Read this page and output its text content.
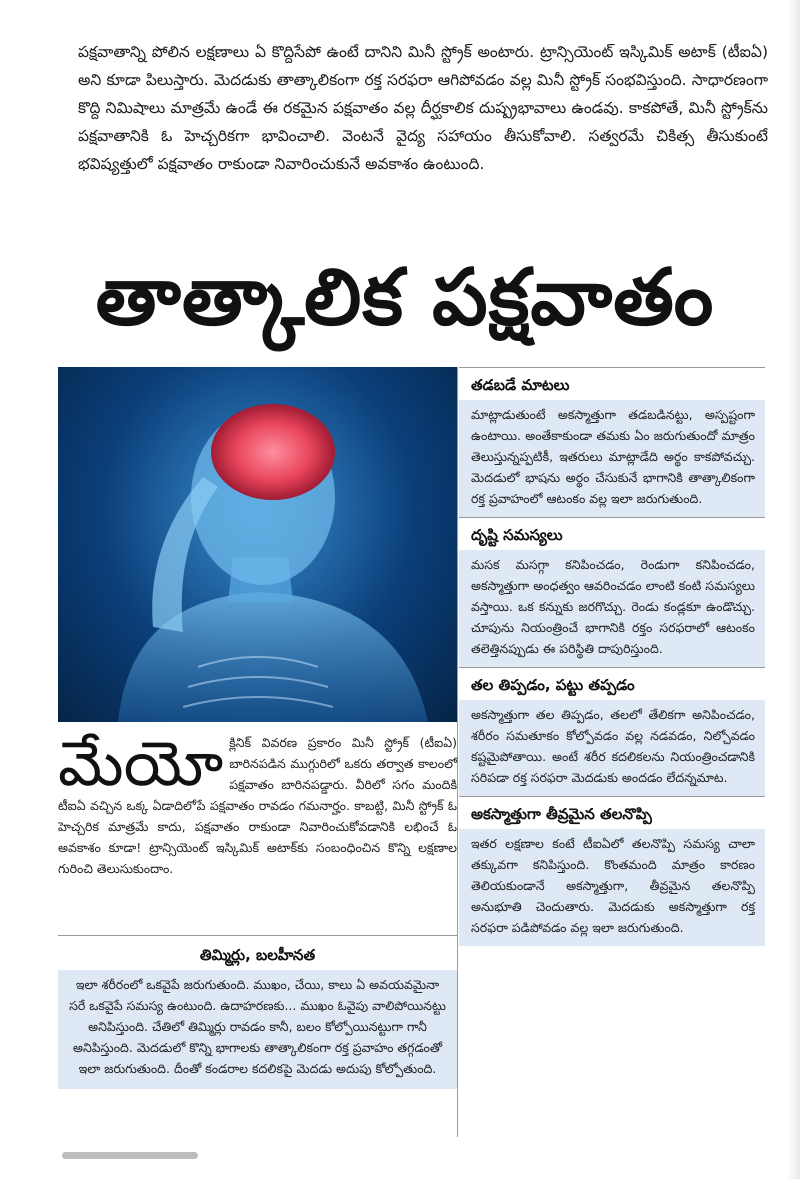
పక్షవాతాన్ని పోలిన లక్షణాలు ఏ కొద్దిసేపో ఉంటే దానిని మినీ స్ట్రోక్ అంటారు. ట్రాన్సియెంట్ ఇస్కిమిక్ అటాక్ (టీఐఏ) అని కూడా పిలుస్తారు. మెదడుకు తాత్కాలికంగా రక్త సరఫరా ఆగిపోవడం వల్ల మినీ స్ట్రోక్ సంభవిస్తుంది. సాధారణంగా కొద్ది నిమిషాలు మాత్రమే ఉండే ఈ రకమైన పక్షవాతం వల్ల దీర్ఘకాలిక దుష్ప్రభావాలు ఉండవు. కాకపోతే, మినీ స్ట్రోక్‌ను పక్షవాతానికి ఓ హెచ్చరికగా భావించాలి. వెంటనే వైద్య సహాయం తీసుకోవాలి. సత్వరమే చికిత్స తీసుకుంటే భవిష్యత్తులో పక్షవాతం రాకుండా నివారించుకునే అవకాశం ఉంటుంది.
తాత్కాలిక పక్షవాతం
తడబడే మాటలు
మాట్లాడుతుంటే అకస్మాత్తుగా తడబడినట్టు, అస్పష్టంగా ఉంటాయి. అంతేకాకుండా తమకు ఏం జరుగుతుందో మాత్రం తెలుస్తున్నప్పటికీ, ఇతరులు మాట్లాడేది అర్థం కాకపోవచ్చు. మెదడులో భాషను అర్థం చేసుకునే భాగానికి తాత్కాలికంగా రక్త ప్రవాహంలో ఆటంకం వల్ల ఇలా జరుగుతుంది.
దృష్టి సమస్యలు
మసక మసగ్గా కనిపించడం, రెండుగా కనిపించడం, అకస్మాత్తుగా అంధత్వం ఆవరించడం లాంటి కంటి సమస్యలు వస్తాయి. ఒక కన్నుకు జరగొచ్చు. రెండు కండ్లకూ ఉండొచ్చు. చూపును నియంత్రించే భాగానికి రక్తం సరఫరాలో ఆటంకం తలెత్తినప్పుడు ఈ పరిస్థితి దాపురిస్తుంది.
తల తిప్పడం, పట్టు తప్పడం
అకస్మాత్తుగా తల తిప్పడం, తలలో తేలికగా అనిపించడం, శరీరం సమతూకం కోల్పోవడం వల్ల నడవడం, నిల్చోవడం కష్టమైపోతాయి. అంటే శరీర కదలికలను నియంత్రించడానికి సరిపడా రక్త సరఫరా మెదడుకు అందడం లేదన్నమాట.
అకస్మాత్తుగా తీవ్రమైన తలనొప్పి
ఇతర లక్షణాల కంటే టీఐఏలో తలనొప్పి సమస్య చాలా తక్కువగా కనిపిస్తుంది. కొంతమంది మాత్రం కారణం తెలియకుండానే అకస్మాత్తుగా, తీవ్రమైన తలనొప్పి అనుభూతి చెందుతారు. మెదడుకు అకస్మాత్తుగా రక్త సరఫరా పడిపోవడం వల్ల ఇలా జరుగుతుంది.
మేయో క్లినిక్ వివరణ ప్రకారం మినీ స్ట్రోక్ (టీఐఏ) బారినపడిన ముగ్గురిలో ఒకరు తర్వాత కాలంలో పక్షవాతం బారినపడ్డారు. వీరిలో సగం మందికి టీఐఏ వచ్చిన ఒక్క ఏడాదిలోపే పక్షవాతం రావడం గమనార్హం. కాబట్టి, మినీ స్ట్రోక్ ఓ హెచ్చరిక మాత్రమే కాదు, పక్షవాతం రాకుండా నివారించుకోవడానికి లభించే ఓ అవకాశం కూడా! ట్రాన్సియెంట్ ఇస్కిమిక్ అటాక్‌కు సంబంధించిన కొన్ని లక్షణాల గురించి తెలుసుకుందాం.
తిమ్మిర్లు, బలహీనత
ఇలా శరీరంలో ఒకవైపే జరుగుతుంది. ముఖం, చేయి, కాలు ఏ అవయవమైనా సరే ఒకవైపే సమస్య ఉంటుంది. ఉదాహరణకు... ముఖం ఓవైపు వాలిపోయినట్టు అనిపిస్తుంది. చేతిలో తిమ్మిర్లు రావడం కానీ, బలం కోల్పోయినట్టుగా గానీ అనిపిస్తుంది. మెదడులో కొన్ని భాగాలకు తాత్కాలికంగా రక్త ప్రవాహం తగ్గడంతో ఇలా జరుగుతుంది. దీంతో కండరాల కదలికపై మెదడు అదుపు కోల్పోతుంది.
